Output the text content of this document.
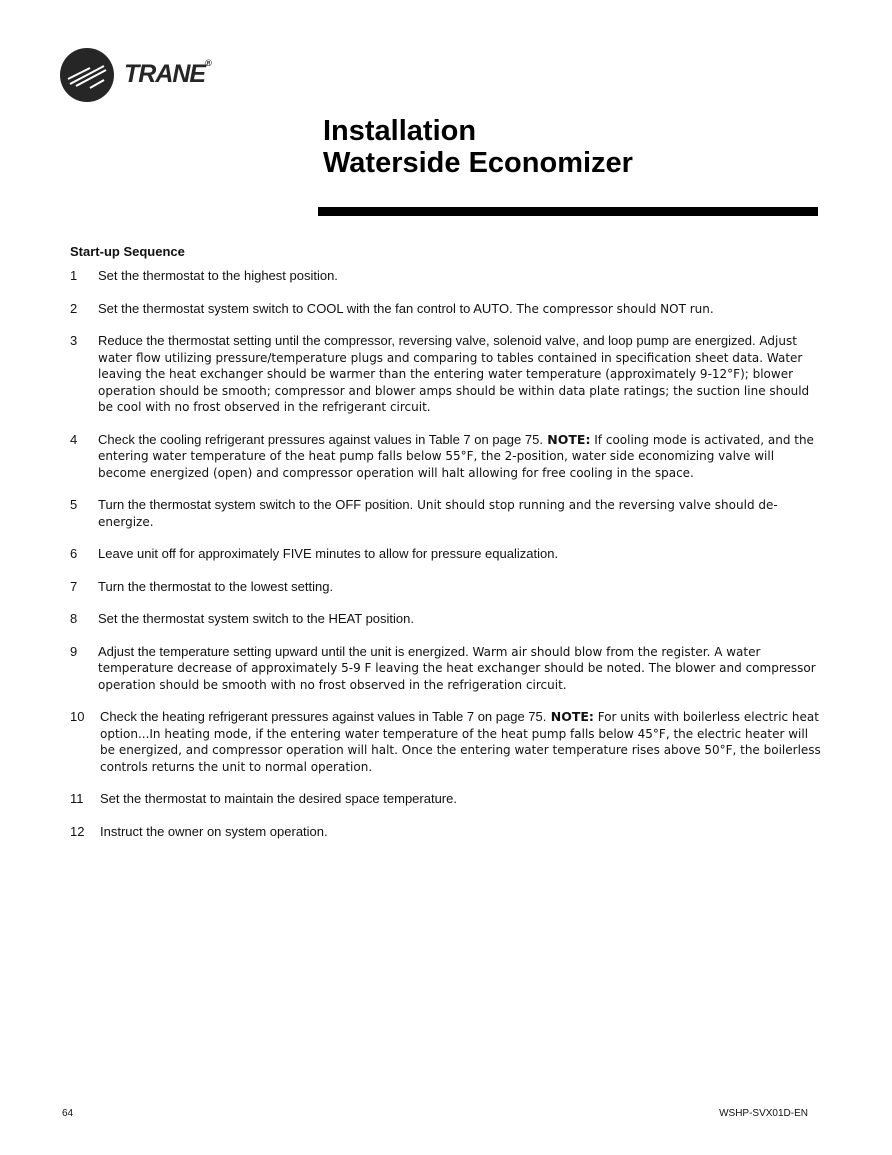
TRANE®
Installation
Waterside Economizer
Start-up Sequence
1 Set the thermostat to the highest position.
2 Set the thermostat system switch to COOL with the fan control to AUTO. The compressor should NOT run.
3 Reduce the thermostat setting until the compressor, reversing valve, solenoid valve, and loop pump are energized. Adjust water flow utilizing pressure/temperature plugs and comparing to tables contained in specification sheet data. Water leaving the heat exchanger should be warmer than the entering water temperature (approximately 9-12°F); blower operation should be smooth; compressor and blower amps should be within data plate ratings; the suction line should be cool with no frost observed in the refrigerant circuit.
4 Check the cooling refrigerant pressures against values in Table 7 on page 75. NOTE: If cooling mode is activated, and the entering water temperature of the heat pump falls below 55°F, the 2-position, water side economizing valve will become energized (open) and compressor operation will halt allowing for free cooling in the space.
5 Turn the thermostat system switch to the OFF position. Unit should stop running and the reversing valve should de-energize.
6 Leave unit off for approximately FIVE minutes to allow for pressure equalization.
7 Turn the thermostat to the lowest setting.
8 Set the thermostat system switch to the HEAT position.
9 Adjust the temperature setting upward until the unit is energized. Warm air should blow from the register. A water temperature decrease of approximately 5-9 F leaving the heat exchanger should be noted. The blower and compressor operation should be smooth with no frost observed in the refrigeration circuit.
10 Check the heating refrigerant pressures against values in Table 7 on page 75. NOTE: For units with boilerless electric heat option...In heating mode, if the entering water temperature of the heat pump falls below 45°F, the electric heater will be energized, and compressor operation will halt. Once the entering water temperature rises above 50°F, the boilerless controls returns the unit to normal operation.
11 Set the thermostat to maintain the desired space temperature.
12 Instruct the owner on system operation.
64	WSHP-SVX01D-EN
